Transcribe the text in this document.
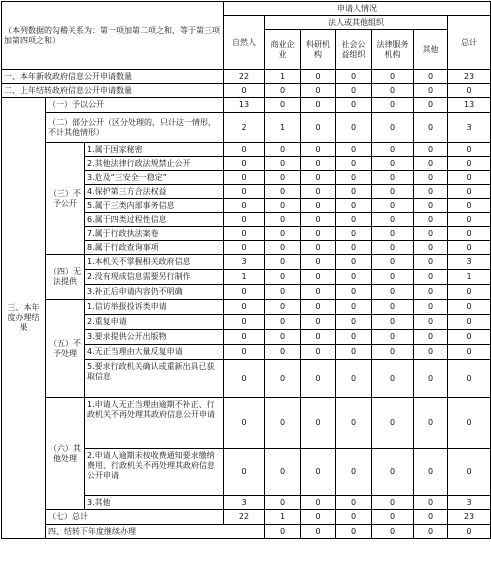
（本列数据的勾稽关系为：第一项加第二项之和，等于第三项加第四项之和）			申请人情况							
			自然人	法人或其他组织					总计	
				商业企业	科研机构	社会公益组织	法律服务机构	其他		
一、本年新收政府信息公开申请数量			22	1	0	0	0	0	23	
二、上年结转政府信息公开申请数量			0	0	0	0	0	0	0	
三、本年度办理结果	（一）予以公开		13	0	0	0	0	0	13	
	（二）部分公开（区分处理的，只计这一情形，不计其他情形）		2	1	0	0	0	0	3	
	（三）不予公开	1.属于国家秘密	0	0	0	0	0	0	0	
		2.其他法律行政法规禁止公开	0	0	0	0	0	0	0	
		3.危及“三安全一稳定”	0	0	0	0	0	0	0	
		4.保护第三方合法权益	0	0	0	0	0	0	0	
		5.属于三类内部事务信息	0	0	0	0	0	0	0	
		6.属于四类过程性信息	0	0	0	0	0	0	0	
		7.属于行政执法案卷	0	0	0	0	0	0	0	
		8.属于行政查询事项	0	0	0	0	0	0	0	
	（四）无法提供	1.本机关不掌握相关政府信息	3	0	0	0	0	0	3	
		2.没有现成信息需要另行制作	1	0	0	0	0	0	1	
		3.补正后申请内容仍不明确	0	0	0	0	0	0	0	
	（五）不予处理	1.信访举报投诉类申请	0	0	0	0	0	0	0	
		2.重复申请	0	0	0	0	0	0	0	
		3.要求提供公开出版物	0	0	0	0	0	0	0	
		4.无正当理由大量反复申请	0	0	0	0	0	0	0	
		5.要求行政机关确认或重新出具已获取信息	0	0	0	0	0	0	0	
	（六）其他处理	1.申请人无正当理由逾期不补正、行政机关不再处理其政府信息公开申请	0	0	0	0	0	0	0	
		2.申请人逾期未按收费通知要求缴纳费用、行政机关不再处理其政府信息公开申请	0	0	0	0	0	0	0	
		3.其他	3	0	0	0	0	0	3	
	（七）总计		22	1	0	0	0	0	23	
	四、结转下年度继续办理			0	0	0	0	0	0	
